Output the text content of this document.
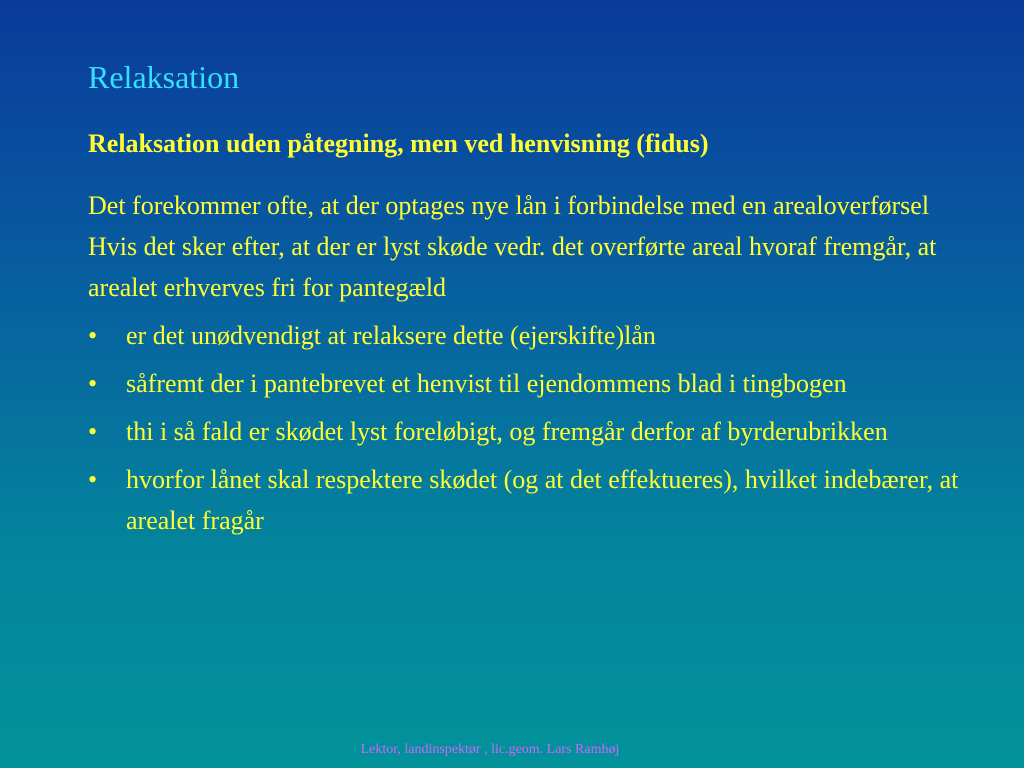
Relaksation
Relaksation uden påtegning, men ved henvisning (fidus)
Det forekommer ofte, at der optages nye lån i forbindelse med en arealoverførsel
Hvis det sker efter, at der er lyst skøde vedr. det overførte areal hvoraf fremgår, at arealet erhverves fri for pantegæld
• er det unødvendigt at relaksere dette (ejerskifte)lån
• såfremt der i pantebrevet et henvist til ejendommens blad i tingbogen
• thi i så fald er skødet lyst foreløbigt, og fremgår derfor af byrderubrikken
• hvorfor lånet skal respektere skødet (og at det effektueres), hvilket indebærer, at arealet fragår
Lektor, landinspektør , lic.geom. Lars Ramhøj
